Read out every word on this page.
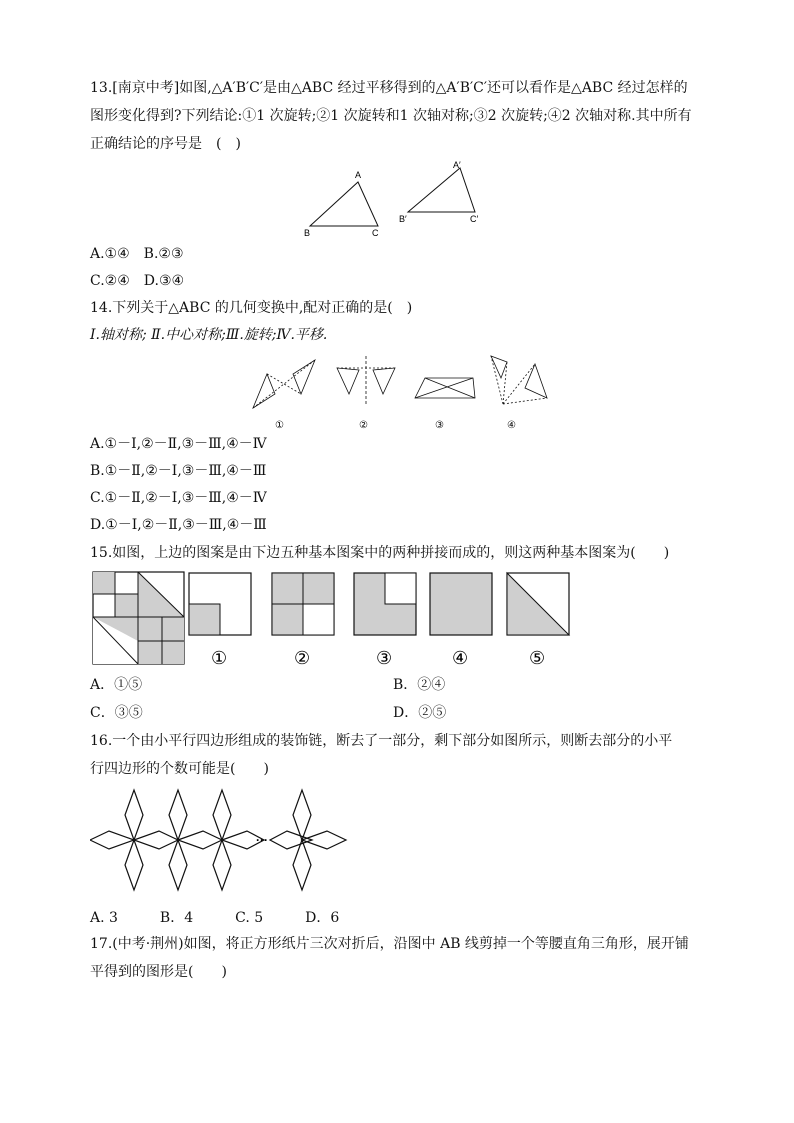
13.[南京中考]如图,△A′B′C′是由△ABC 经过平移得到的△A′B′C′还可以看作是△ABC 经过怎样的
图形变化得到?下列结论:①1 次旋转;②1 次旋转和1 次轴对称;③2 次旋转;④2 次轴对称.其中所有
正确结论的序号是　(　)
A
B	C
A′
B′	C′
A.①④　B.②③
C.②④　D.③④
14.下列关于△ABC 的几何变换中,配对正确的是(　)
Ⅰ.轴对称; Ⅱ.中心对称;Ⅲ.旋转;Ⅳ.平移.
①	②	③	④
A.①－Ⅰ,②－Ⅱ,③－Ⅲ,④－Ⅳ
B.①－Ⅱ,②－Ⅰ,③－Ⅲ,④－Ⅲ
C.①－Ⅱ,②－Ⅰ,③－Ⅲ,④－Ⅳ
D.①－Ⅰ,②－Ⅱ,③－Ⅲ,④－Ⅲ
15.如图，上边的图案是由下边五种基本图案中的两种拼接而成的，则这两种基本图案为(　　)
①	②	③	④	⑤
A．①⑤	B．②④
C．③⑤	D．②⑤
16.一个由小平行四边形组成的装饰链，断去了一部分，剩下部分如图所示，则断去部分的小平
行四边形的个数可能是(　　)
···
A. 3　　　B．4　　　C. 5　　　D．6
17.(中考·荆州)如图，将正方形纸片三次对折后，沿图中 AB 线剪掉一个等腰直角三角形，展开铺
平得到的图形是(　　)
